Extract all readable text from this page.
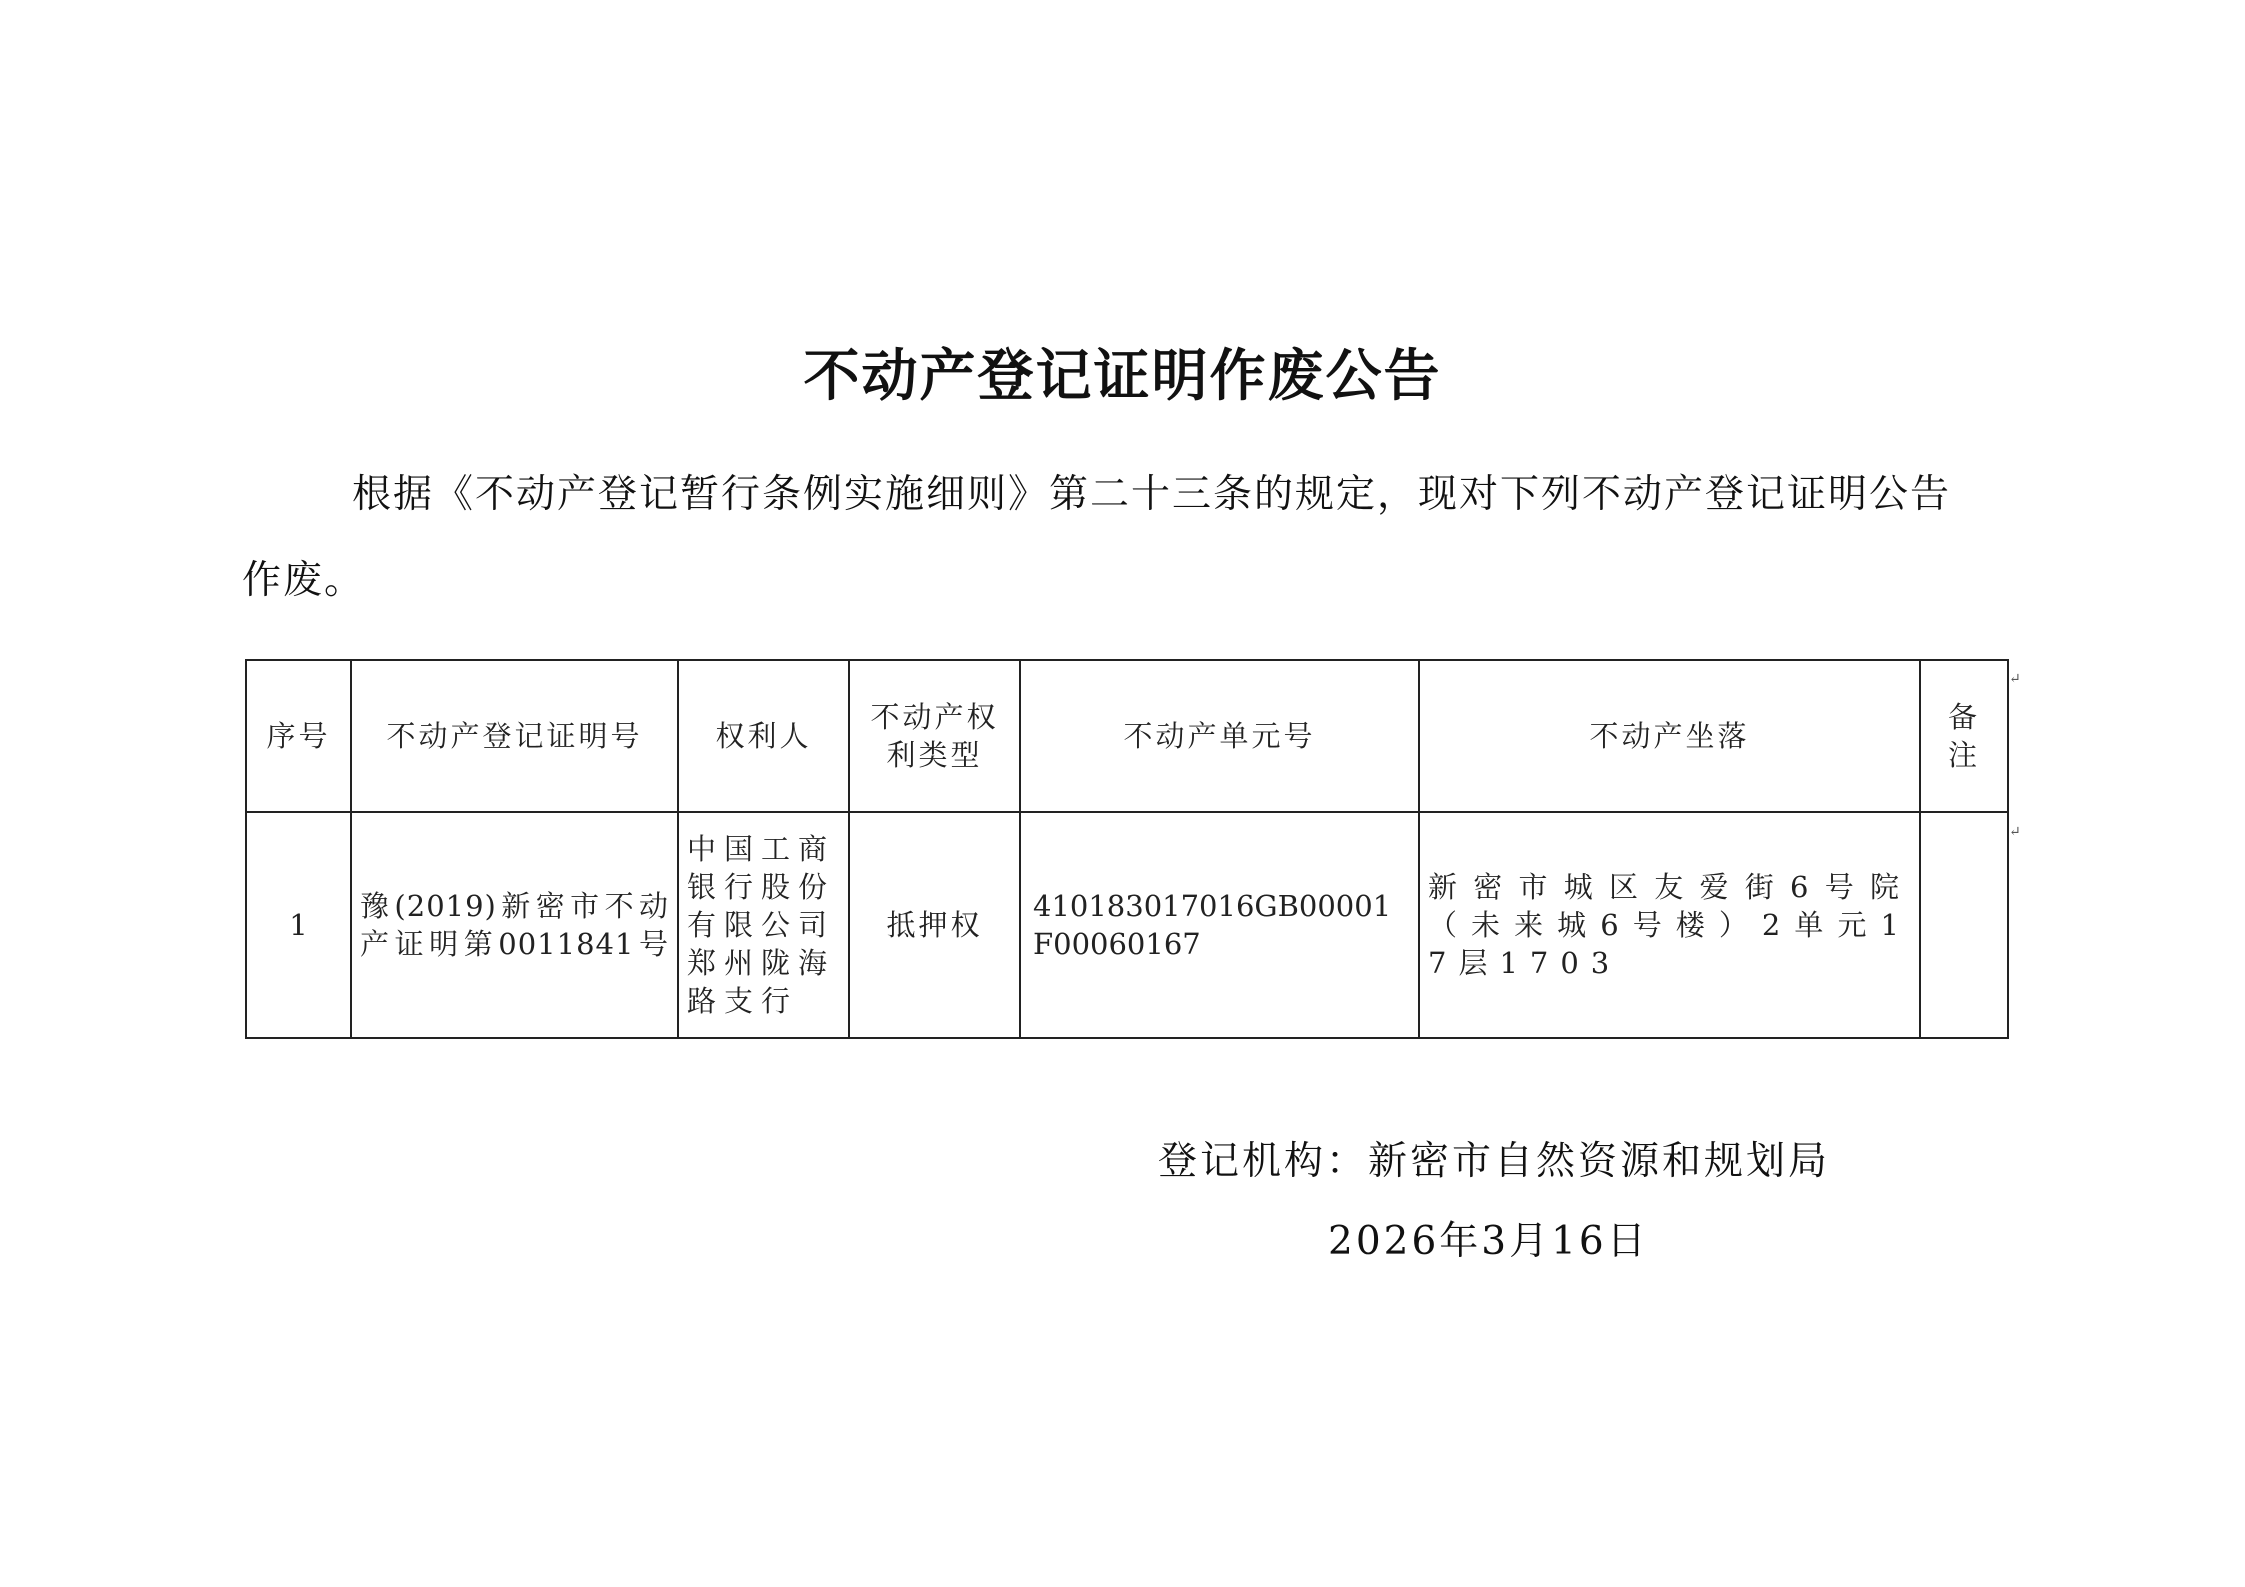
不动产登记证明作废公告
根据《不动产登记暂行条例实施细则》第二十三条的规定，现对下列不动产登记证明公告作废。
序号	不动产登记证明号	权利人	不动产权利类型	不动产单元号	不动产坐落	备注
1	豫(2019)新密市不动产证明第0011841号	中国工商银行股份有限公司郑州陇海路支行	抵押权	410183017016GB00001F00060167	新密市城区友爱街6号院（未来城6号楼）2单元17层1703	
↵
↵
登记机构：新密市自然资源和规划局
2026年3月16日
